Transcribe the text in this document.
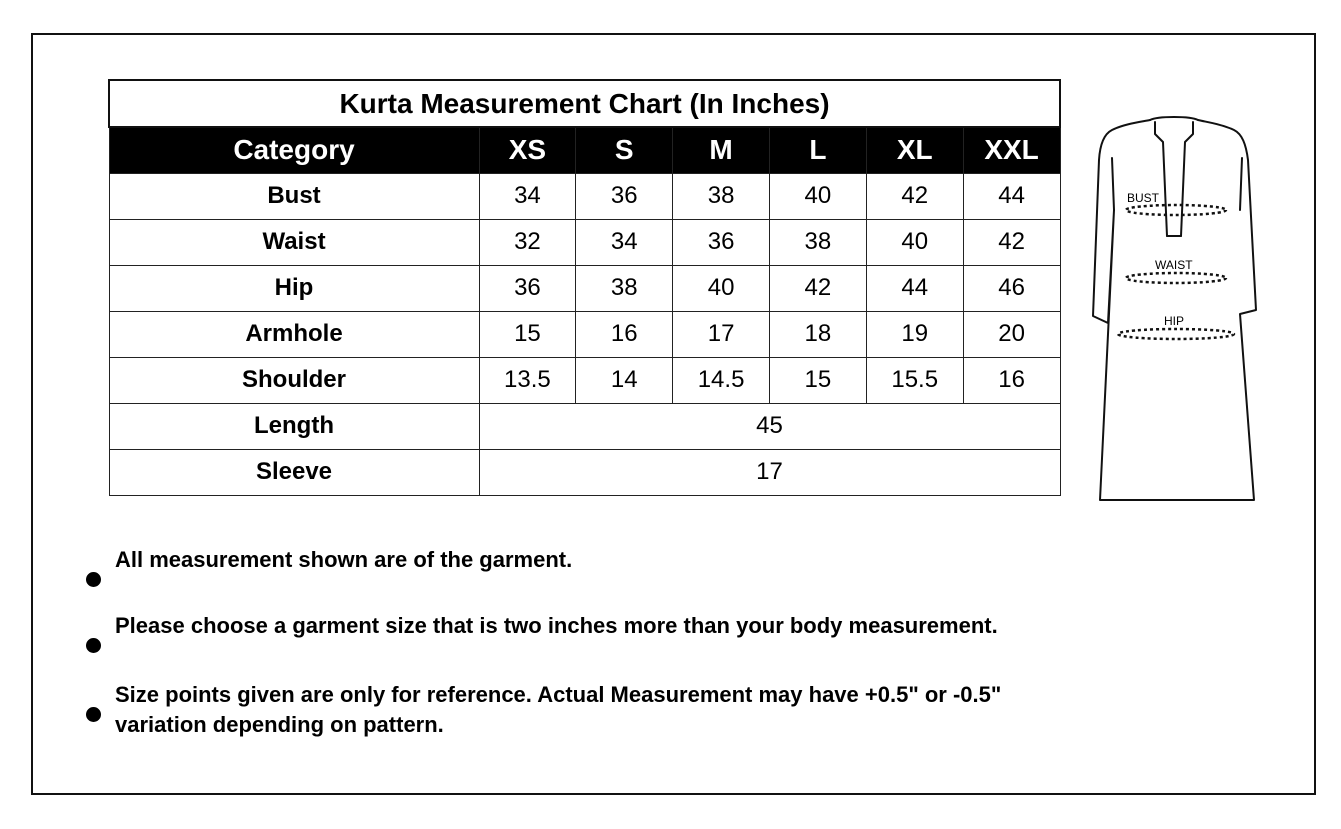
Kurta Measurement Chart (In Inches)						
Category	XS	S	M	L	XL	XXL
Bust	34	36	38	40	42	44
Waist	32	34	36	38	40	42
Hip	36	38	40	42	44	46
Armhole	15	16	17	18	19	20
Shoulder	13.5	14	14.5	15	15.5	16
Length	45					
Sleeve	17					
BUST
WAIST
HIP
All measurement shown are of the garment.
Please choose a garment size that is two inches more than your body measurement.
Size points given are only for reference. Actual Measurement may have +0.5" or -0.5" variation depending on pattern.
